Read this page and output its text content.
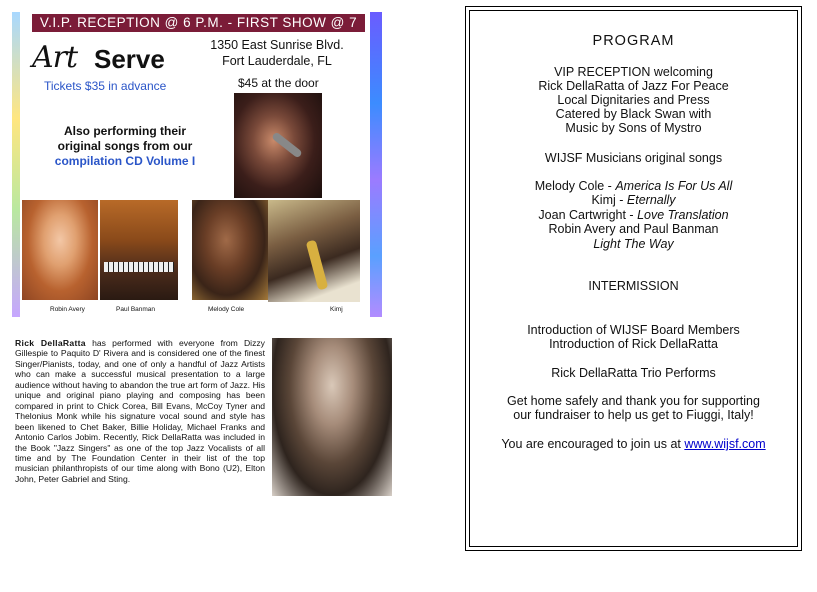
V.I.P. RECEPTION @ 6 P.M. - FIRST SHOW @ 7 P.M.
Art Serve	1350 East Sunrise Blvd.
Fort Lauderdale, FL
Tickets $35 in advance	$45 at the door
Also performing their
original songs from our
compilation CD Volume I
Robin Avery	Paul Banman	Melody Cole	Kimj
Rick DellaRatta has performed with everyone from Dizzy Gillespie to Paquito D' Rivera and is considered one of the finest Singer/Pianists, today, and one of only a handful of Jazz Artists who can make a successful musical presentation to a large audience without having to abandon the true art form of Jazz. His unique and original piano playing and composing has been compared in print to Chick Corea, Bill Evans, McCoy Tyner and Thelonius Monk while his signature vocal sound and style has been likened to Chet Baker, Billie Holiday, Michael Franks and Antonio Carlos Jobim. Recently, Rick DellaRatta was included in the Book "Jazz Singers" as one of the top Jazz Vocalists of all time and by The Foundation Center in their list of the top musician philanthropists of our time along with Bono (U2), Elton John, Peter Gabriel and Sting.
PROGRAM
VIP RECEPTION welcoming
Rick DellaRatta of Jazz For Peace
Local Dignitaries and Press
Catered by Black Swan with
Music by Sons of Mystro
WIJSF Musicians original songs
Melody Cole - America Is For Us All
Kimj - Eternally
Joan Cartwright - Love Translation
Robin Avery and Paul Banman
Light The Way
INTERMISSION
Introduction of WIJSF Board Members
Introduction of Rick DellaRatta
Rick DellaRatta Trio Performs
Get home safely and thank you for supporting
our fundraiser to help us get to Fiuggi, Italy!
You are encouraged to join us at www.wijsf.com
